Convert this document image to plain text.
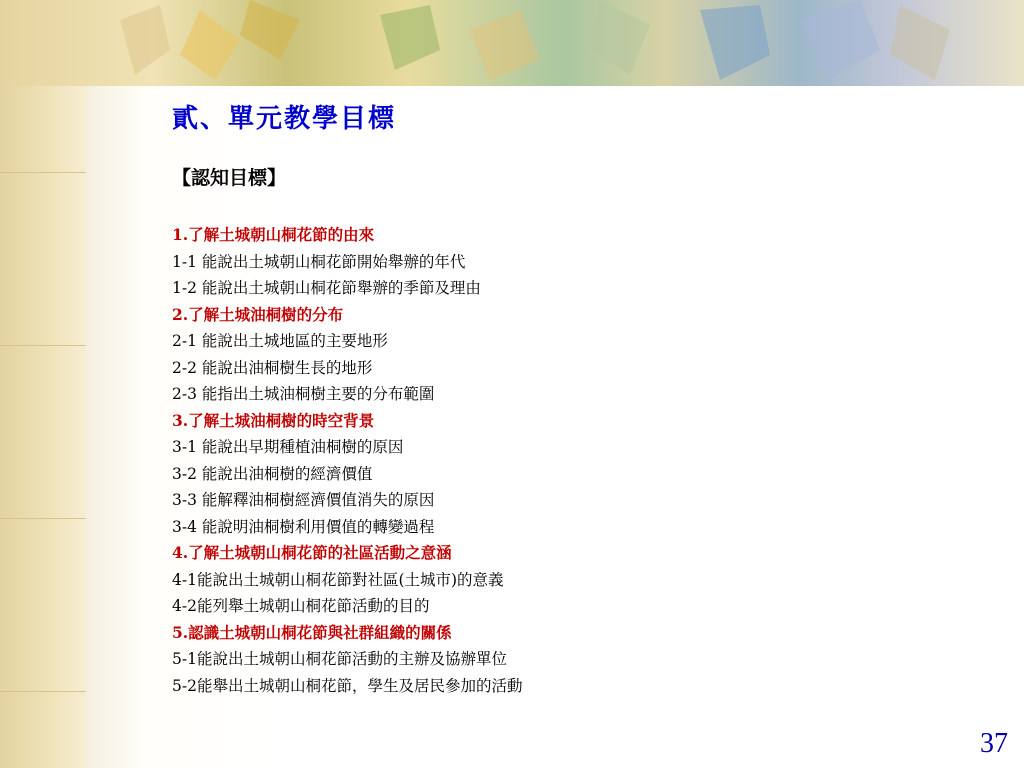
貳、單元教學目標
【認知目標】
1.了解土城朝山桐花節的由來
1-1 能說出土城朝山桐花節開始舉辦的年代
1-2 能說出土城朝山桐花節舉辦的季節及理由
2.了解土城油桐樹的分布
2-1 能說出土城地區的主要地形
2-2 能說出油桐樹生長的地形
2-3 能指出土城油桐樹主要的分布範圍
3.了解土城油桐樹的時空背景
3-1 能說出早期種植油桐樹的原因
3-2 能說出油桐樹的經濟價值
3-3 能解釋油桐樹經濟價值消失的原因
3-4 能說明油桐樹利用價值的轉變過程
4.了解土城朝山桐花節的社區活動之意涵
4-1能說出土城朝山桐花節對社區(土城市)的意義
4-2能列舉土城朝山桐花節活動的目的
5.認識土城朝山桐花節與社群組織的關係
5-1能說出土城朝山桐花節活動的主辦及協辦單位
5-2能舉出土城朝山桐花節，學生及居民參加的活動
37
